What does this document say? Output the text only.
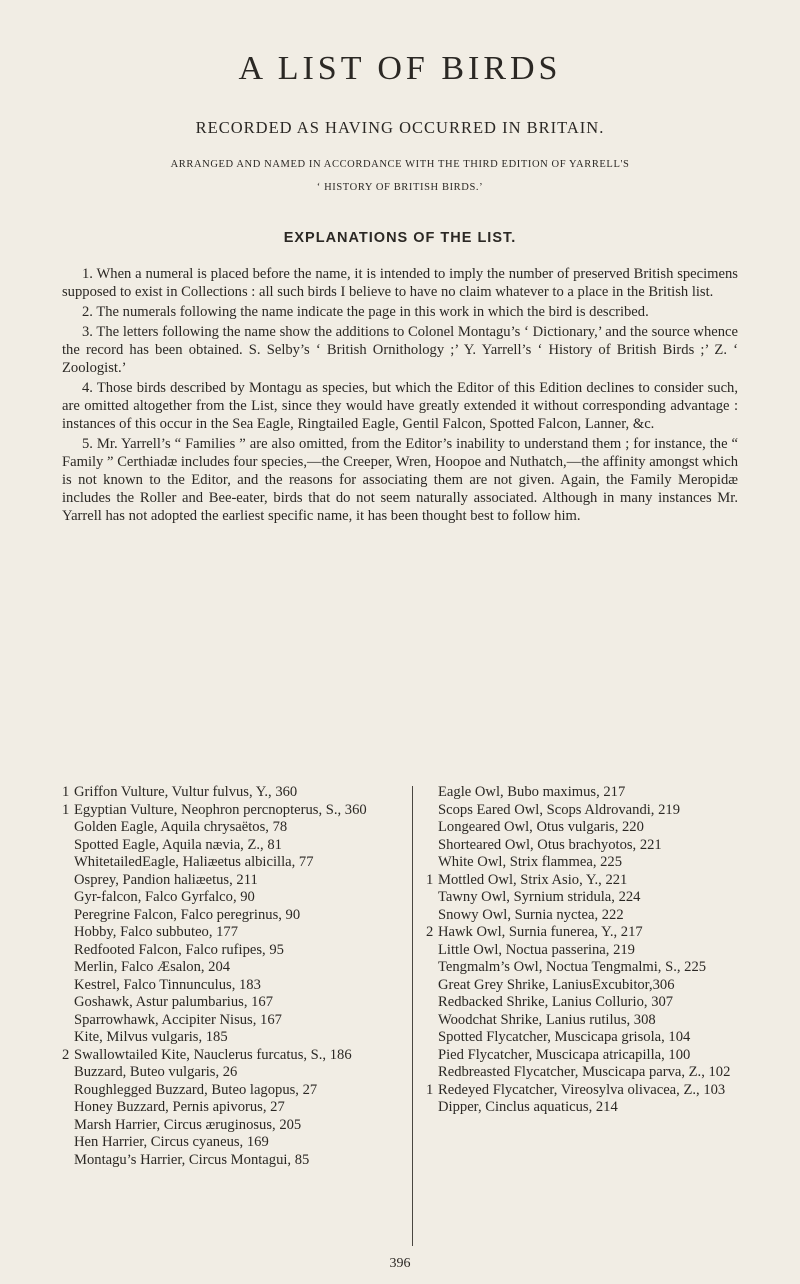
A LIST OF BIRDS
RECORDED AS HAVING OCCURRED IN BRITAIN.
ARRANGED AND NAMED IN ACCORDANCE WITH THE THIRD EDITION OF YARRELL'S
‘ HISTORY OF BRITISH BIRDS.’
EXPLANATIONS OF THE LIST.

1. When a numeral is placed before the name, it is intended to imply the number of preserved British specimens supposed to exist in Collections : all such birds I believe to have no claim whatever to a place in the British list.

2. The numerals following the name indicate the page in this work in which the bird is described.

3. The letters following the name show the additions to Colonel Montagu’s ‘ Dictionary,’ and the source whence the record has been obtained. S. Selby’s ‘ British Ornithology ;’ Y. Yarrell’s ‘ History of British Birds ;’ Z. ‘ Zoologist.’

4. Those birds described by Montagu as species, but which the Editor of this Edition declines to consider such, are omitted altogether from the List, since they would have greatly extended it without corresponding advantage : instances of this occur in the Sea Eagle, Ringtailed Eagle, Gentil Falcon, Spotted Falcon, Lanner, &c.

5. Mr. Yarrell’s “ Families ” are also omitted, from the Editor’s inability to understand them ; for instance, the “ Family ” Certhiadæ includes four species,—the Creeper, Wren, Hoopoe and Nuthatch,—the affinity amongst which is not known to the Editor, and the reasons for associating them are not given. Again, the Family Meropidæ includes the Roller and Bee-eater, birds that do not seem naturally associated. Although in many instances Mr. Yarrell has not adopted the earliest specific name, it has been thought best to follow him.

1 Griffon Vulture, Vultur fulvus, Y., 360

1 Egyptian Vulture, Neophron percnopterus, S., 360

Golden Eagle, Aquila chrysaëtos, 78

Spotted Eagle, Aquila nævia, Z., 81

WhitetailedEagle, Haliæetus albicilla, 77

Osprey, Pandion haliæetus, 211

Gyr-falcon, Falco Gyrfalco, 90

Peregrine Falcon, Falco peregrinus, 90

Hobby, Falco subbuteo, 177

Redfooted Falcon, Falco rufipes, 95

Merlin, Falco Æsalon, 204

Kestrel, Falco Tinnunculus, 183

Goshawk, Astur palumbarius, 167

Sparrowhawk, Accipiter Nisus, 167

Kite, Milvus vulgaris, 185

2 Swallowtailed Kite, Nauclerus furcatus, S., 186

Buzzard, Buteo vulgaris, 26

Roughlegged Buzzard, Buteo lagopus, 27

Honey Buzzard, Pernis apivorus, 27

Marsh Harrier, Circus æruginosus, 205

Hen Harrier, Circus cyaneus, 169

Montagu’s Harrier, Circus Montagui, 85

Eagle Owl, Bubo maximus, 217

Scops Eared Owl, Scops Aldrovandi, 219

Longeared Owl, Otus vulgaris, 220

Shorteared Owl, Otus brachyotos, 221

White Owl, Strix flammea, 225

1 Mottled Owl, Strix Asio, Y., 221

Tawny Owl, Syrnium stridula, 224

Snowy Owl, Surnia nyctea, 222

2 Hawk Owl, Surnia funerea, Y., 217

Little Owl, Noctua passerina, 219

Tengmalm’s Owl, Noctua Tengmalmi, S., 225

Great Grey Shrike, LaniusExcubitor,306

Redbacked Shrike, Lanius Collurio, 307

Woodchat Shrike, Lanius rutilus, 308

Spotted Flycatcher, Muscicapa grisola, 104

Pied Flycatcher, Muscicapa atricapilla, 100

Redbreasted Flycatcher, Muscicapa parva, Z., 102

1 Redeyed Flycatcher, Vireosylva olivacea, Z., 103

Dipper, Cinclus aquaticus, 214

396
